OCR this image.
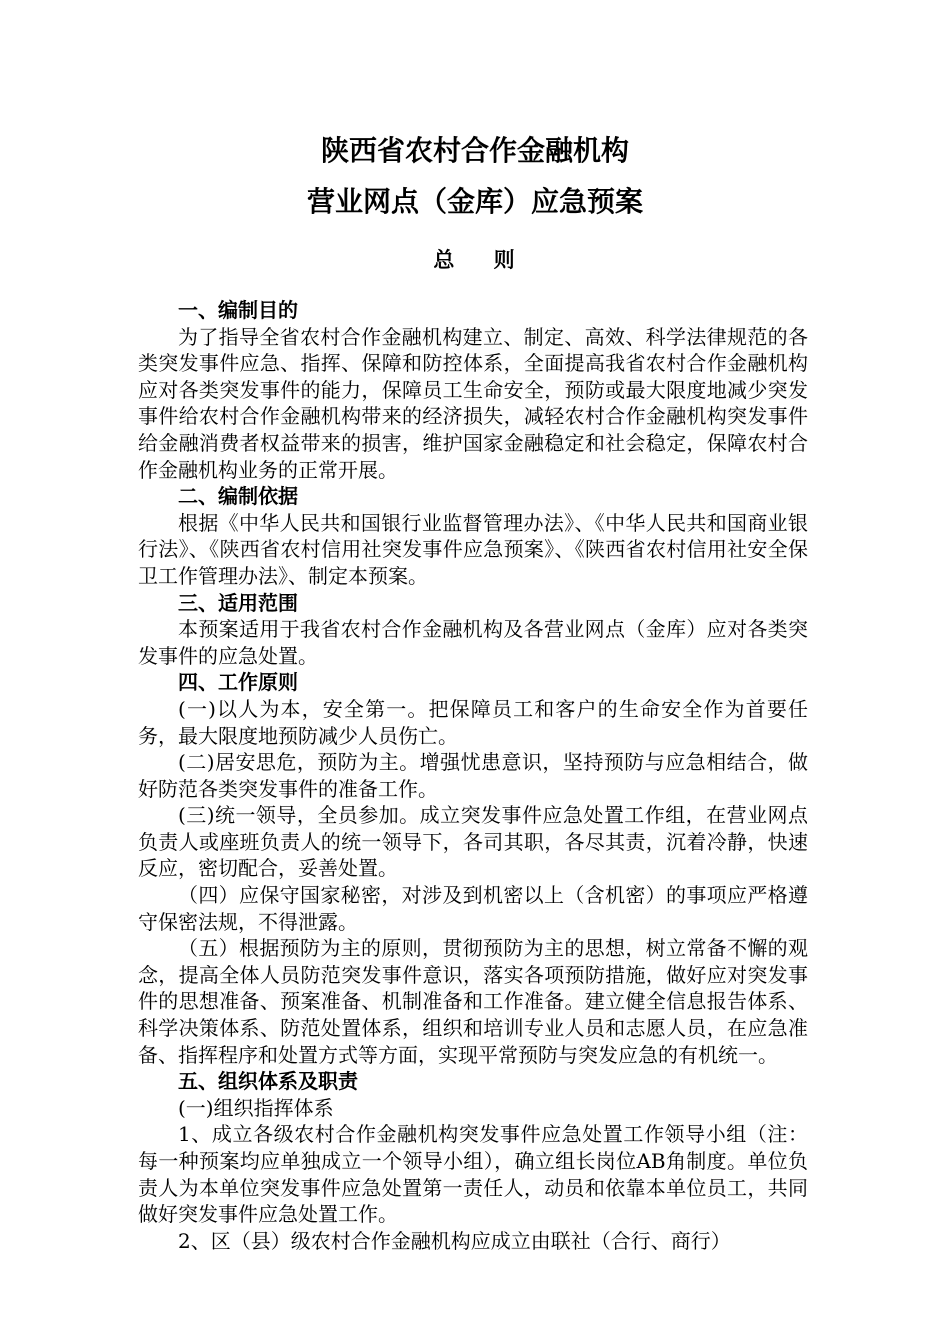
陕西省农村合作金融机构
营业网点（金库）应急预案
总    则
一、编制目的

为了指导全省农村合作金融机构建立、制定、高效、科学法律规范的各类突发事件应急、指挥、保障和防控体系，全面提高我省农村合作金融机构应对各类突发事件的能力，保障员工生命安全，预防或最大限度地减少突发事件给农村合作金融机构带来的经济损失，减轻农村合作金融机构突发事件给金融消费者权益带来的损害，维护国家金融稳定和社会稳定，保障农村合作金融机构业务的正常开展。

二、编制依据

根据《中华人民共和国银行业监督管理办法》、《中华人民共和国商业银行法》、《陕西省农村信用社突发事件应急预案》、《陕西省农村信用社安全保卫工作管理办法》、制定本预案。

三、适用范围

本预案适用于我省农村合作金融机构及各营业网点（金库）应对各类突发事件的应急处置。

四、工作原则

(一)以人为本，安全第一。把保障员工和客户的生命安全作为首要任务，最大限度地预防减少人员伤亡。

(二)居安思危，预防为主。增强忧患意识，坚持预防与应急相结合，做好防范各类突发事件的准备工作。

(三)统一领导，全员参加。成立突发事件应急处置工作组，在营业网点负责人或座班负责人的统一领导下，各司其职，各尽其责，沉着冷静，快速反应，密切配合，妥善处置。

（四）应保守国家秘密，对涉及到机密以上（含机密）的事项应严格遵守保密法规，不得泄露。

（五）根据预防为主的原则，贯彻预防为主的思想，树立常备不懈的观念，提高全体人员防范突发事件意识，落实各项预防措施，做好应对突发事件的思想准备、预案准备、机制准备和工作准备。建立健全信息报告体系、科学决策体系、防范处置体系，组织和培训专业人员和志愿人员，在应急准备、指挥程序和处置方式等方面，实现平常预防与突发应急的有机统一。

五、组织体系及职责

(一)组织指挥体系

1、成立各级农村合作金融机构突发事件应急处置工作领导小组（注：每一种预案均应单独成立一个领导小组），确立组长岗位AB角制度。单位负责人为本单位突发事件应急处置第一责任人，动员和依靠本单位员工，共同做好突发事件应急处置工作。

2、区（县）级农村合作金融机构应成立由联社（合行、商行）
